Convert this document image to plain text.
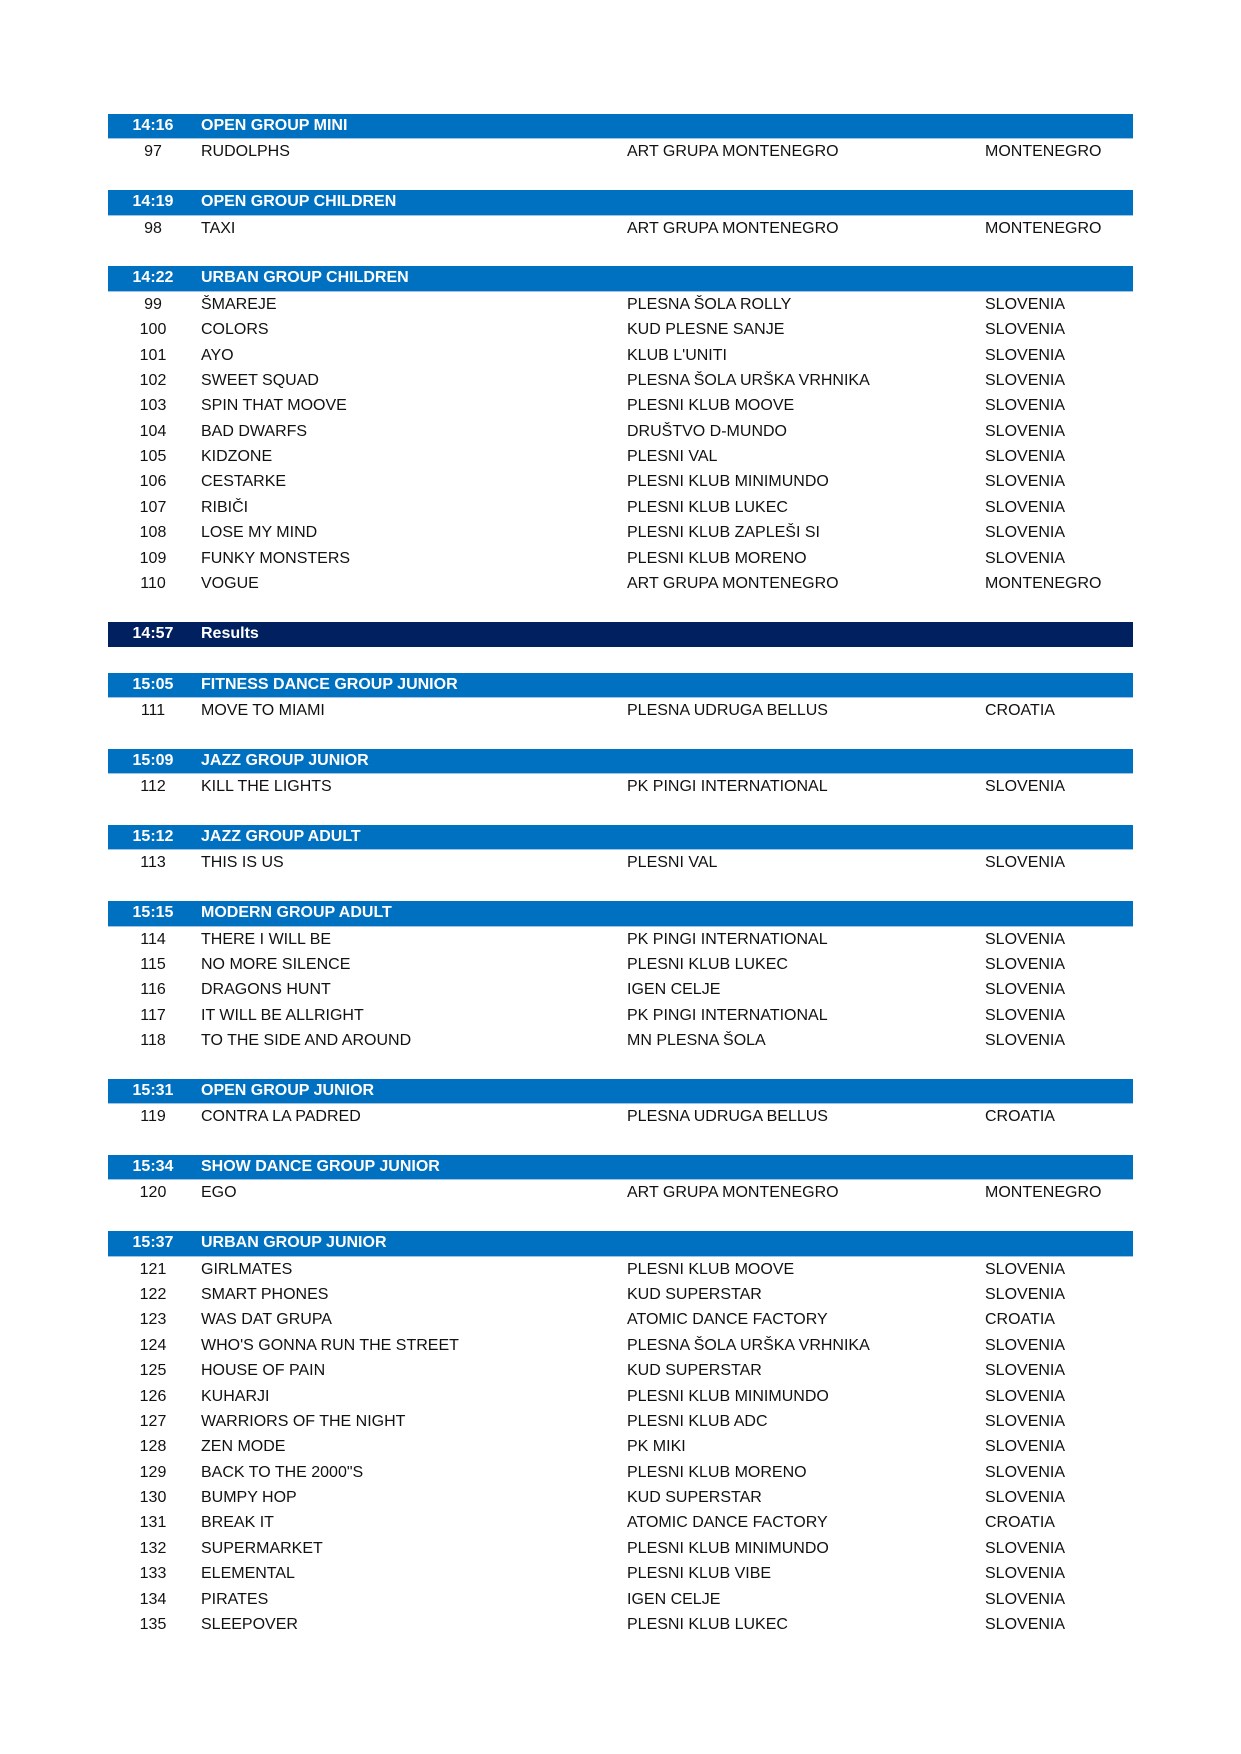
14:16	OPEN GROUP MINI
97	RUDOLPHS	ART GRUPA MONTENEGRO	MONTENEGRO
14:19	OPEN GROUP CHILDREN
98	TAXI	ART GRUPA MONTENEGRO	MONTENEGRO
14:22	URBAN GROUP CHILDREN
99	ŠMAREJE	PLESNA ŠOLA ROLLY	SLOVENIA
100	COLORS	KUD PLESNE SANJE	SLOVENIA
101	AYO	KLUB L'UNITI	SLOVENIA
102	SWEET SQUAD	PLESNA ŠOLA URŠKA VRHNIKA	SLOVENIA
103	SPIN THAT MOOVE	PLESNI KLUB MOOVE	SLOVENIA
104	BAD DWARFS	DRUŠTVO D-MUNDO	SLOVENIA
105	KIDZONE	PLESNI VAL	SLOVENIA
106	CESTARKE	PLESNI KLUB MINIMUNDO	SLOVENIA
107	RIBIČI	PLESNI KLUB LUKEC	SLOVENIA
108	LOSE MY MIND	PLESNI KLUB ZAPLEŠI SI	SLOVENIA
109	FUNKY MONSTERS	PLESNI KLUB MORENO	SLOVENIA
110	VOGUE	ART GRUPA MONTENEGRO	MONTENEGRO
14:57	Results
15:05	FITNESS DANCE GROUP JUNIOR
111	MOVE TO MIAMI	PLESNA UDRUGA BELLUS	CROATIA
15:09	JAZZ GROUP JUNIOR
112	KILL THE LIGHTS	PK PINGI INTERNATIONAL	SLOVENIA
15:12	JAZZ GROUP ADULT
113	THIS IS US	PLESNI VAL	SLOVENIA
15:15	MODERN GROUP ADULT
114	THERE I WILL BE	PK PINGI INTERNATIONAL	SLOVENIA
115	NO MORE SILENCE	PLESNI KLUB LUKEC	SLOVENIA
116	DRAGONS HUNT	IGEN CELJE	SLOVENIA
117	IT WILL BE ALLRIGHT	PK PINGI INTERNATIONAL	SLOVENIA
118	TO THE SIDE AND AROUND	MN PLESNA ŠOLA	SLOVENIA
15:31	OPEN GROUP JUNIOR
119	CONTRA LA PADRED	PLESNA UDRUGA BELLUS	CROATIA
15:34	SHOW DANCE GROUP JUNIOR
120	EGO	ART GRUPA MONTENEGRO	MONTENEGRO
15:37	URBAN GROUP JUNIOR
121	GIRLMATES	PLESNI KLUB MOOVE	SLOVENIA
122	SMART PHONES	KUD SUPERSTAR	SLOVENIA
123	WAS DAT GRUPA	ATOMIC DANCE FACTORY	CROATIA
124	WHO'S GONNA RUN THE STREET	PLESNA ŠOLA URŠKA VRHNIKA	SLOVENIA
125	HOUSE OF PAIN	KUD SUPERSTAR	SLOVENIA
126	KUHARJI	PLESNI KLUB MINIMUNDO	SLOVENIA
127	WARRIORS OF THE NIGHT	PLESNI KLUB ADC	SLOVENIA
128	ZEN MODE	PK MIKI	SLOVENIA
129	BACK TO THE 2000"S	PLESNI KLUB MORENO	SLOVENIA
130	BUMPY HOP	KUD SUPERSTAR	SLOVENIA
131	BREAK IT	ATOMIC DANCE FACTORY	CROATIA
132	SUPERMARKET	PLESNI KLUB MINIMUNDO	SLOVENIA
133	ELEMENTAL	PLESNI KLUB VIBE	SLOVENIA
134	PIRATES	IGEN CELJE	SLOVENIA
135	SLEEPOVER	PLESNI KLUB LUKEC	SLOVENIA
